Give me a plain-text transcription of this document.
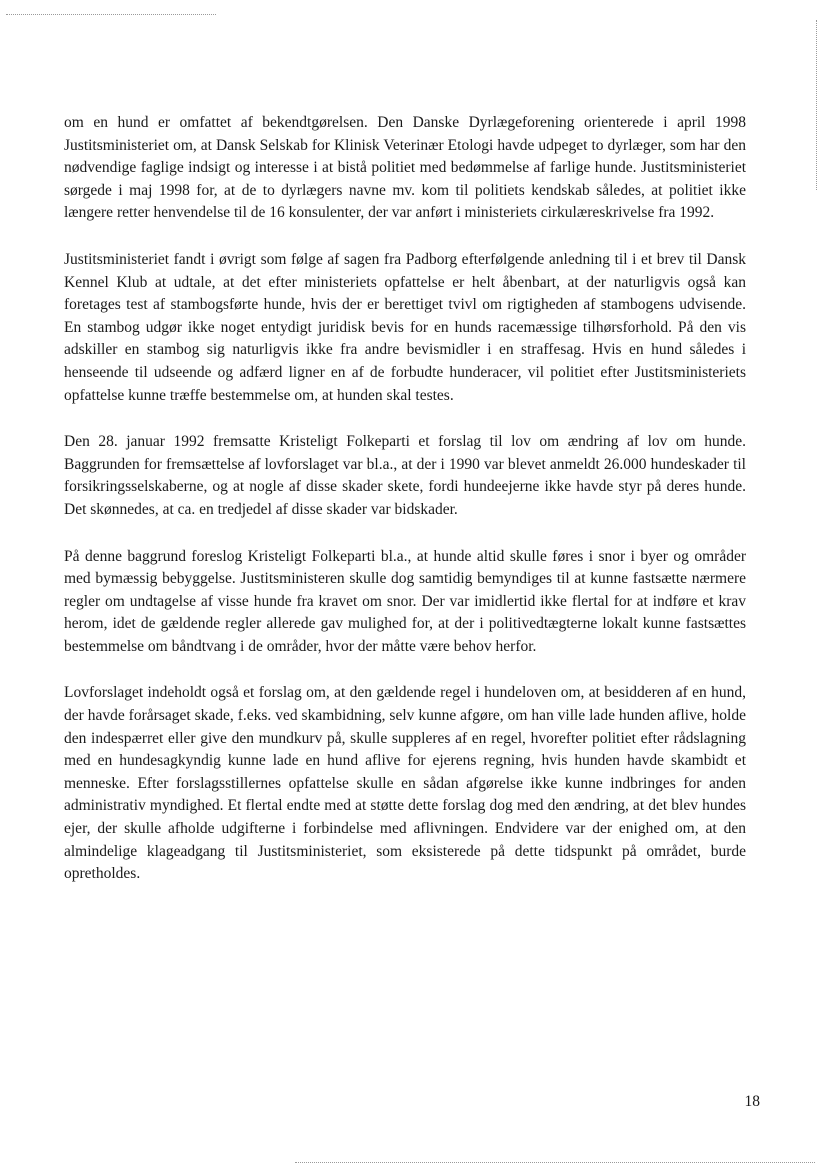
om en hund er omfattet af bekendtgørelsen. Den Danske Dyrlægeforening orienterede i april 1998 Justitsministeriet om, at Dansk Selskab for Klinisk Veterinær Etologi havde udpeget to dyrlæger, som har den nødvendige faglige indsigt og interesse i at bistå politiet med bedømmelse af farlige hunde. Justitsministeriet sørgede i maj 1998 for, at de to dyrlægers navne mv. kom til politiets kendskab således, at politiet ikke længere retter henvendelse til de 16 konsulenter, der var anført i ministeriets cirkulæreskrivelse fra 1992.

Justitsministeriet fandt i øvrigt som følge af sagen fra Padborg efterfølgende anledning til i et brev til Dansk Kennel Klub at udtale, at det efter ministeriets opfattelse er helt åbenbart, at der naturligvis også kan foretages test af stambogsførte hunde, hvis der er berettiget tvivl om rigtigheden af stambogens udvisende. En stambog udgør ikke noget entydigt juridisk bevis for en hunds racemæssige tilhørsforhold. På den vis adskiller en stambog sig naturligvis ikke fra andre bevismidler i en straffesag. Hvis en hund således i henseende til udseende og adfærd ligner en af de forbudte hunderacer, vil politiet efter Justitsministeriets opfattelse kunne træffe bestemmelse om, at hunden skal testes.

Den 28. januar 1992 fremsatte Kristeligt Folkeparti et forslag til lov om ændring af lov om hunde. Baggrunden for fremsættelse af lovforslaget var bl.a., at der i 1990 var blevet anmeldt 26.000 hundeskader til forsikringsselskaberne, og at nogle af disse skader skete, fordi hundeejerne ikke havde styr på deres hunde. Det skønnedes, at ca. en tredjedel af disse skader var bidskader.

På denne baggrund foreslog Kristeligt Folkeparti bl.a., at hunde altid skulle føres i snor i byer og områder med bymæssig bebyggelse. Justitsministeren skulle dog samtidig bemyndiges til at kunne fastsætte nærmere regler om undtagelse af visse hunde fra kravet om snor. Der var imidlertid ikke flertal for at indføre et krav herom, idet de gældende regler allerede gav mulighed for, at der i politivedtægterne lokalt kunne fastsættes bestemmelse om båndtvang i de områder, hvor der måtte være behov herfor.

Lovforslaget indeholdt også et forslag om, at den gældende regel i hundeloven om, at besidderen af en hund, der havde forårsaget skade, f.eks. ved skambidning, selv kunne afgøre, om han ville lade hunden aflive, holde den indespærret eller give den mundkurv på, skulle suppleres af en regel, hvorefter politiet efter rådslagning med en hundesagkyndig kunne lade en hund aflive for ejerens regning, hvis hunden havde skambidt et menneske. Efter forslagsstillernes opfattelse skulle en sådan afgørelse ikke kunne indbringes for anden administrativ myndighed. Et flertal endte med at støtte dette forslag dog med den ændring, at det blev hundes ejer, der skulle afholde udgifterne i forbindelse med aflivningen. Endvidere var der enighed om, at den almindelige klageadgang til Justitsministeriet, som eksisterede på dette tidspunkt på området, burde opretholdes.

18
